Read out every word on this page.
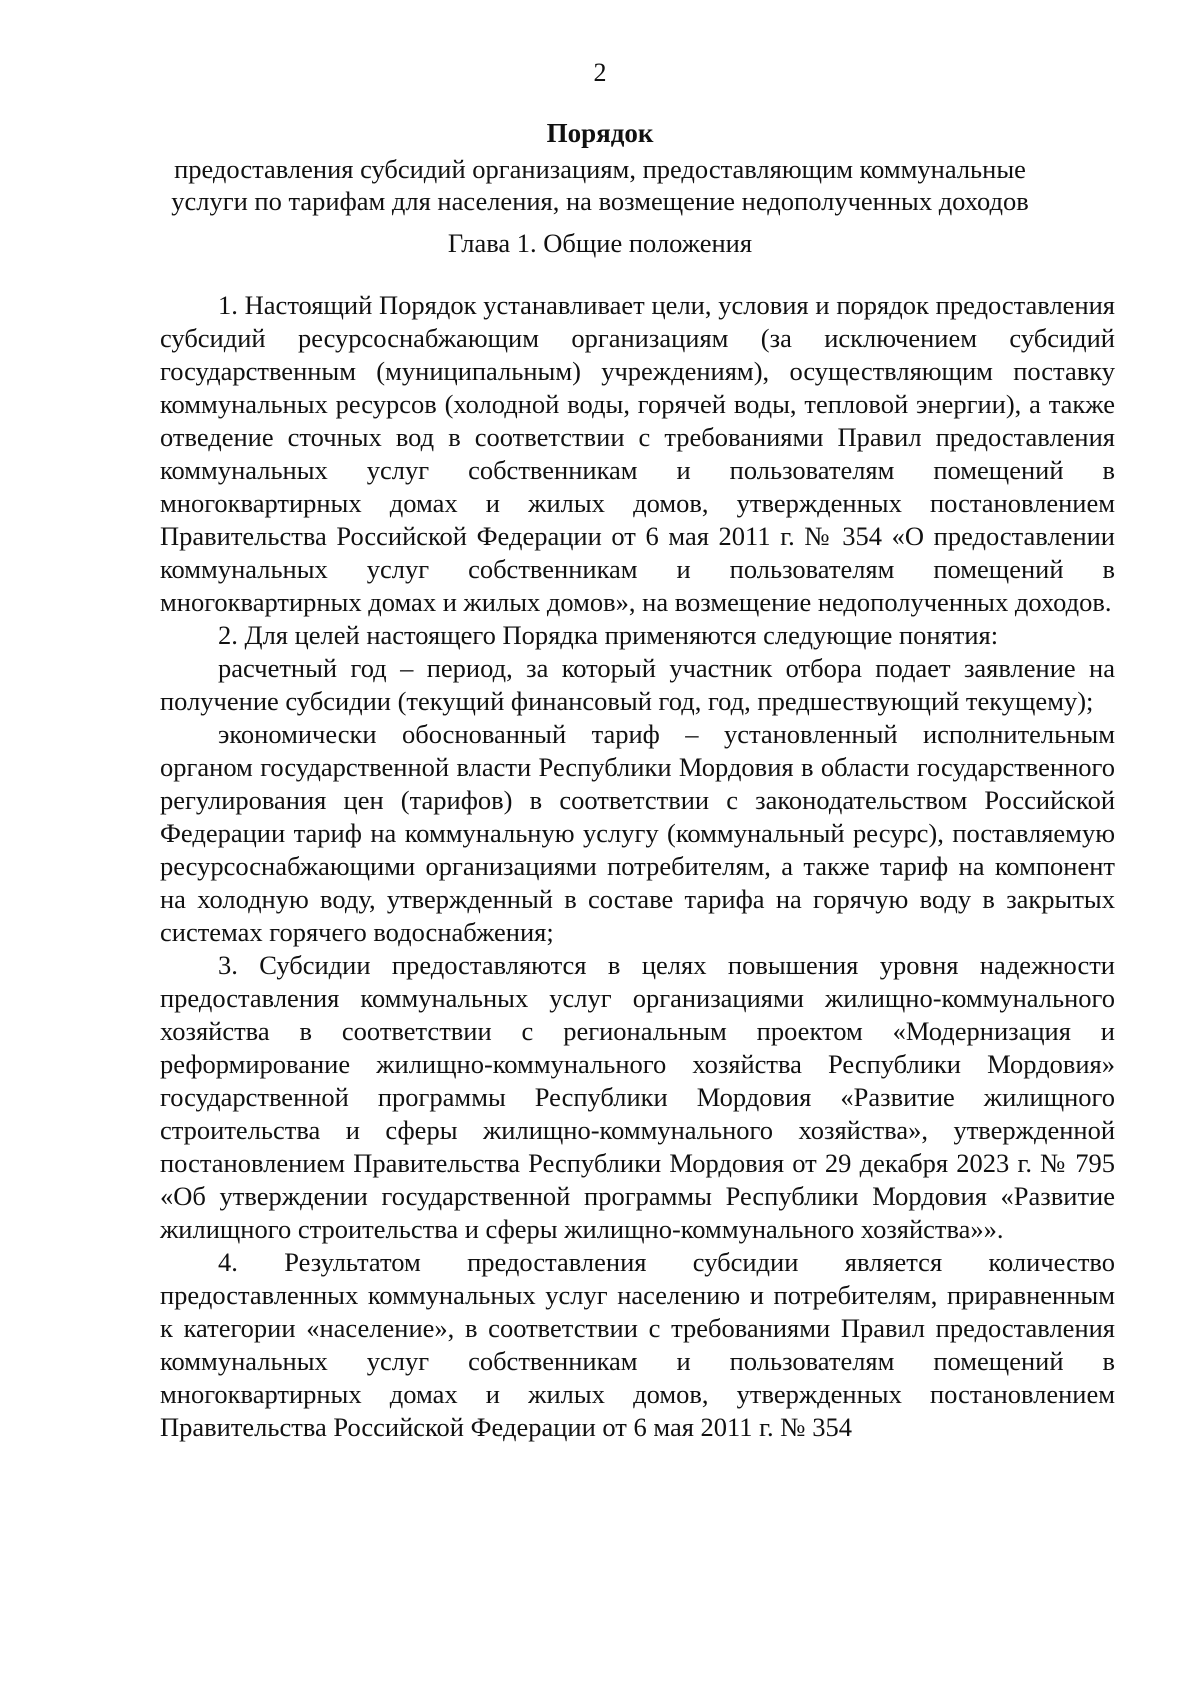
2
Порядок
предоставления субсидий организациям, предоставляющим коммунальные услуги по тарифам для населения, на возмещение недополученных доходов
Глава 1. Общие положения

1. Настоящий Порядок устанавливает цели, условия и порядок предоставления субсидий ресурсоснабжающим организациям (за исключением субсидий государственным (муниципальным) учреждениям), осуществляющим поставку коммунальных ресурсов (холодной воды, горячей воды, тепловой энергии), а также отведение сточных вод в соответствии с требованиями Правил предоставления коммунальных услуг собственникам и пользователям помещений в многоквартирных домах и жилых домов, утвержденных постановлением Правительства Российской Федерации от 6 мая 2011 г. № 354 «О предоставлении коммунальных услуг собственникам и пользователям помещений в многоквартирных домах и жилых домов», на возмещение недополученных доходов.

2. Для целей настоящего Порядка применяются следующие понятия:

расчетный год – период, за который участник отбора подает заявление на получение субсидии (текущий финансовый год, год, предшествующий текущему);

экономически обоснованный тариф – установленный исполнительным органом государственной власти Республики Мордовия в области государственного регулирования цен (тарифов) в соответствии с законодательством Российской Федерации тариф на коммунальную услугу (коммунальный ресурс), поставляемую ресурсоснабжающими организациями потребителям, а также тариф на компонент на холодную воду, утвержденный в составе тарифа на горячую воду в закрытых системах горячего водоснабжения;

3. Субсидии предоставляются в целях повышения уровня надежности предоставления коммунальных услуг организациями жилищно-коммунального хозяйства в соответствии с региональным проектом «Модернизация и реформирование жилищно-коммунального хозяйства Республики Мордовия» государственной программы Республики Мордовия «Развитие жилищного строительства и сферы жилищно-коммунального хозяйства», утвержденной постановлением Правительства Республики Мордовия от 29 декабря 2023 г. № 795 «Об утверждении государственной программы Республики Мордовия «Развитие жилищного строительства и сферы жилищно-коммунального хозяйства»».

4. Результатом предоставления субсидии является количество предоставленных коммунальных услуг населению и потребителям, приравненным к категории «население», в соответствии с требованиями Правил предоставления коммунальных услуг собственникам и пользователям помещений в многоквартирных домах и жилых домов, утвержденных постановлением Правительства Российской Федерации от 6 мая 2011 г. № 354
